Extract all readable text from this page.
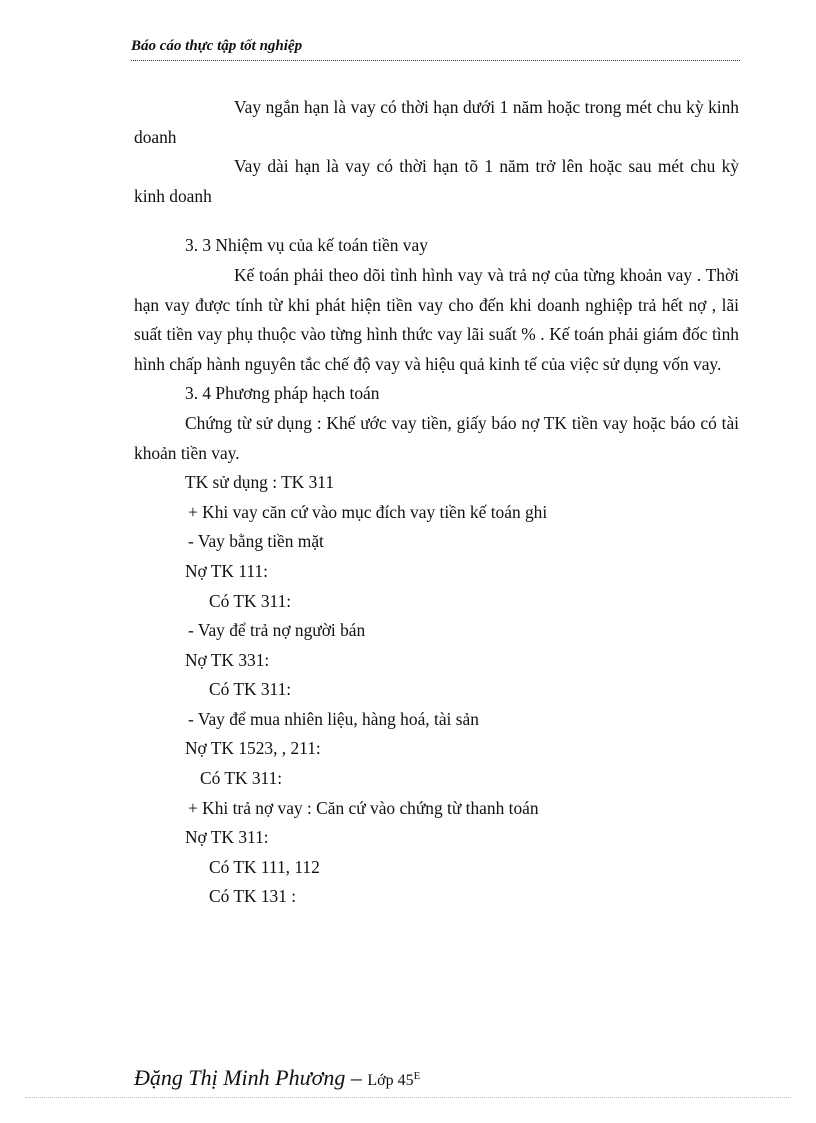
Báo cáo thực tập tốt nghiệp

Vay ngắn hạn là vay có thời hạn dưới 1 năm hoặc trong mét chu kỳ kinh doanh

Vay dài hạn là vay có thời hạn tõ 1 năm trở lên hoặc sau mét chu kỳ kinh doanh

3. 3 Nhiệm vụ của kế toán tiền vay

Kế toán phải theo dõi tình hình vay và trả nợ của từng khoản vay . Thời hạn vay được tính từ khi phát hiện tiền vay cho đến khi doanh nghiệp trả hết nợ , lãi suất tiền vay phụ thuộc vào từng hình thức vay lãi suất % . Kế toán phải giám đốc tình hình chấp hành nguyên tắc chế độ vay và hiệu quả kinh tế của việc sử dụng vốn vay.

3. 4 Phương pháp hạch toán

Chứng từ sử dụng : Khế ước vay tiền, giấy báo nợ TK tiền vay hoặc báo có tài khoản tiền vay.

TK sử dụng : TK 311

+ Khi vay căn cứ vào mục đích vay tiền kế toán ghi

- Vay bằng tiền mặt

Nợ TK 111:

Có TK 311:

- Vay để trả nợ người bán

Nợ TK 331:

Có TK 311:

- Vay để mua nhiên liệu, hàng hoá, tài sản

Nợ TK 1523, , 211:

Có TK 311:

+ Khi trả nợ vay : Căn cứ vào chứng từ thanh toán

Nợ TK 311:

Có TK 111, 112

Có TK 131 :

Đặng Thị Minh Phương – Lớp $45^E$
